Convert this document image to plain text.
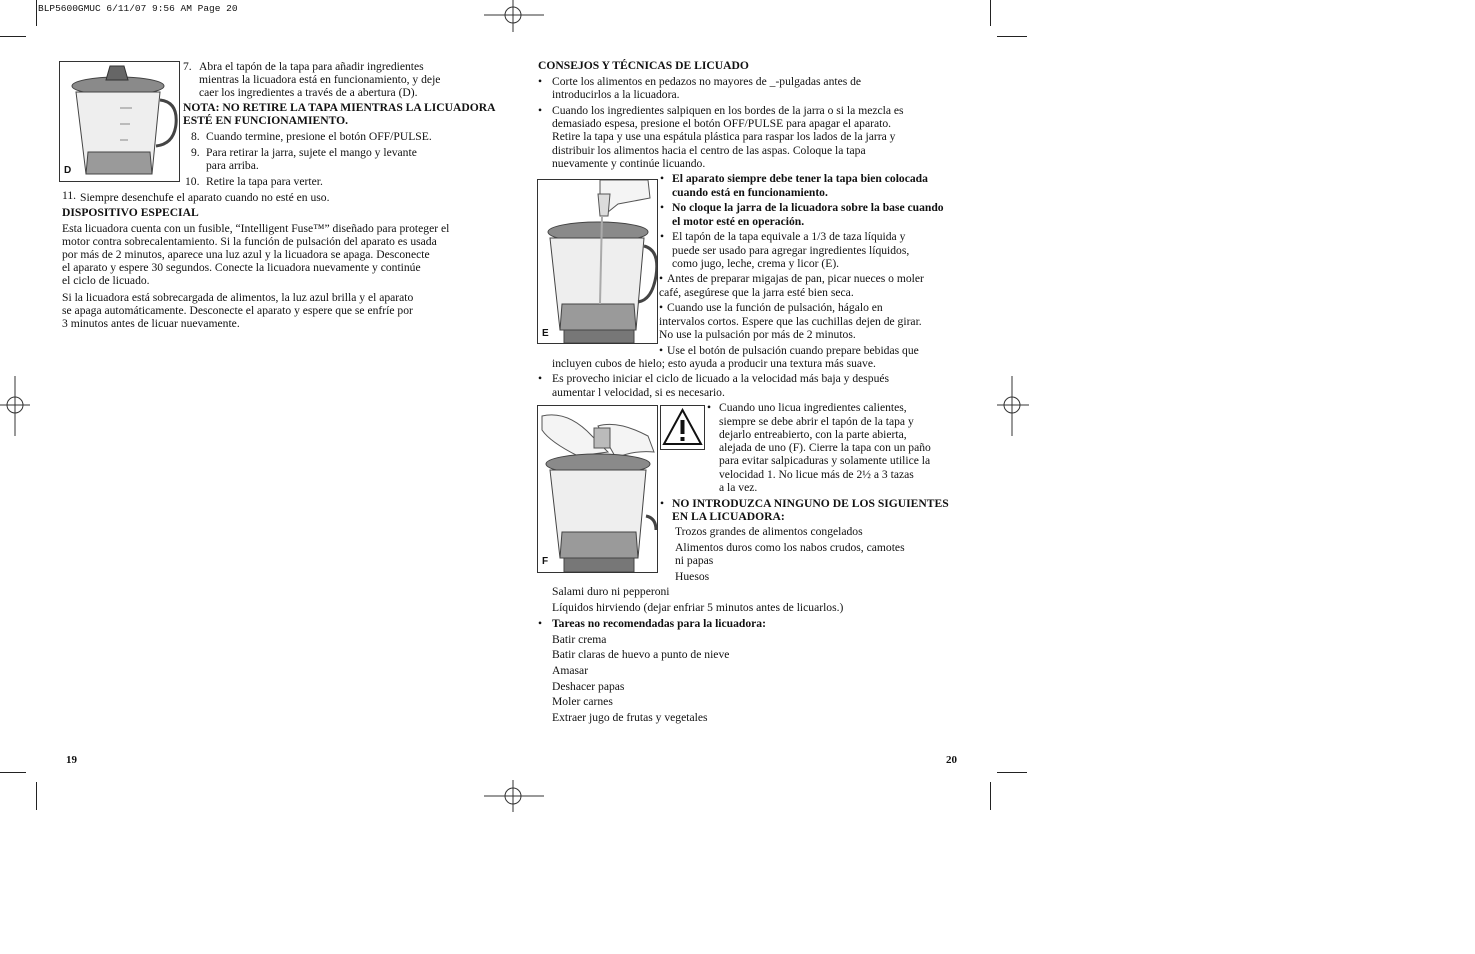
BLP5600GMUC 6/11/07 9:56 AM Page 20
D
E
F
7. Abra el tapón de la tapa para añadir ingredientes
mientras la licuadora está en funcionamiento, y deje
caer los ingredientes a través de a abertura (D).
NOTA: NO RETIRE LA TAPA MIENTRAS LA LICUADORA
ESTÉ EN FUNCIONAMIENTO.
8. Cuando termine, presione el botón OFF/PULSE.
9. Para retirar la jarra, sujete el mango y levante
para arriba.
10. Retire la tapa para verter.
11. Siempre desenchufe el aparato cuando no esté en uso.
DISPOSITIVO ESPECIAL
Esta licuadora cuenta con un fusible, “Intelligent Fuse™” diseñado para proteger el
motor contra sobrecalentamiento. Si la función de pulsación del aparato es usada
por más de 2 minutos, aparece una luz azul y la licuadora se apaga. Desconecte
el aparato y espere 30 segundos. Conecte la licuadora nuevamente y continúe
el ciclo de licuado.
Si la licuadora está sobrecargada de alimentos, la luz azul brilla y el aparato
se apaga automáticamente. Desconecte el aparato y espere que se enfríe por
3 minutos antes de licuar nuevamente.
CONSEJOS Y TÉCNICAS DE LICUADO
• Corte los alimentos en pedazos no mayores de _-pulgadas antes de
introducirlos a la licuadora.
• Cuando los ingredientes salpiquen en los bordes de la jarra o si la mezcla es
demasiado espesa, presione el botón OFF/PULSE para apagar el aparato.
Retire la tapa y use una espátula plástica para raspar los lados de la jarra y
distribuir los alimentos hacia el centro de las aspas. Coloque la tapa
nuevamente y continúe licuando.
• El aparato siempre debe tener la tapa bien colocada
cuando está en funcionamiento.
• No cloque la jarra de la licuadora sobre la base cuando
el motor esté en operación.
• El tapón de la tapa equivale a 1/3 de taza líquida y
puede ser usado para agregar ingredientes líquidos,
como jugo, leche, crema y licor (E).
• Antes de preparar migajas de pan, picar nueces o moler
café, asegúrese que la jarra esté bien seca.
• Cuando use la función de pulsación, hágalo en
intervalos cortos. Espere que las cuchillas dejen de girar.
No use la pulsación por más de 2 minutos.
• Use el botón de pulsación cuando prepare bebidas que
incluyen cubos de hielo; esto ayuda a producir una textura más suave.
• Es provecho iniciar el ciclo de licuado a la velocidad más baja y después
aumentar l velocidad, si es necesario.
• Cuando uno licua ingredientes calientes,
siempre se debe abrir el tapón de la tapa y
dejarlo entreabierto, con la parte abierta,
alejada de uno (F). Cierre la tapa con un paño
para evitar salpicaduras y solamente utilice la
velocidad 1. No licue más de 2½ a 3 tazas
a la vez.
• NO INTRODUZCA NINGUNO DE LOS SIGUIENTES
EN LA LICUADORA:
Trozos grandes de alimentos congelados
Alimentos duros como los nabos crudos, camotes
ni papas
Huesos
Salami duro ni pepperoni
Líquidos hirviendo (dejar enfriar 5 minutos antes de licuarlos.)
• Tareas no recomendadas para la licuadora:
Batir crema
Batir claras de huevo a punto de nieve
Amasar
Deshacer papas
Moler carnes
Extraer jugo de frutas y vegetales
19	20
